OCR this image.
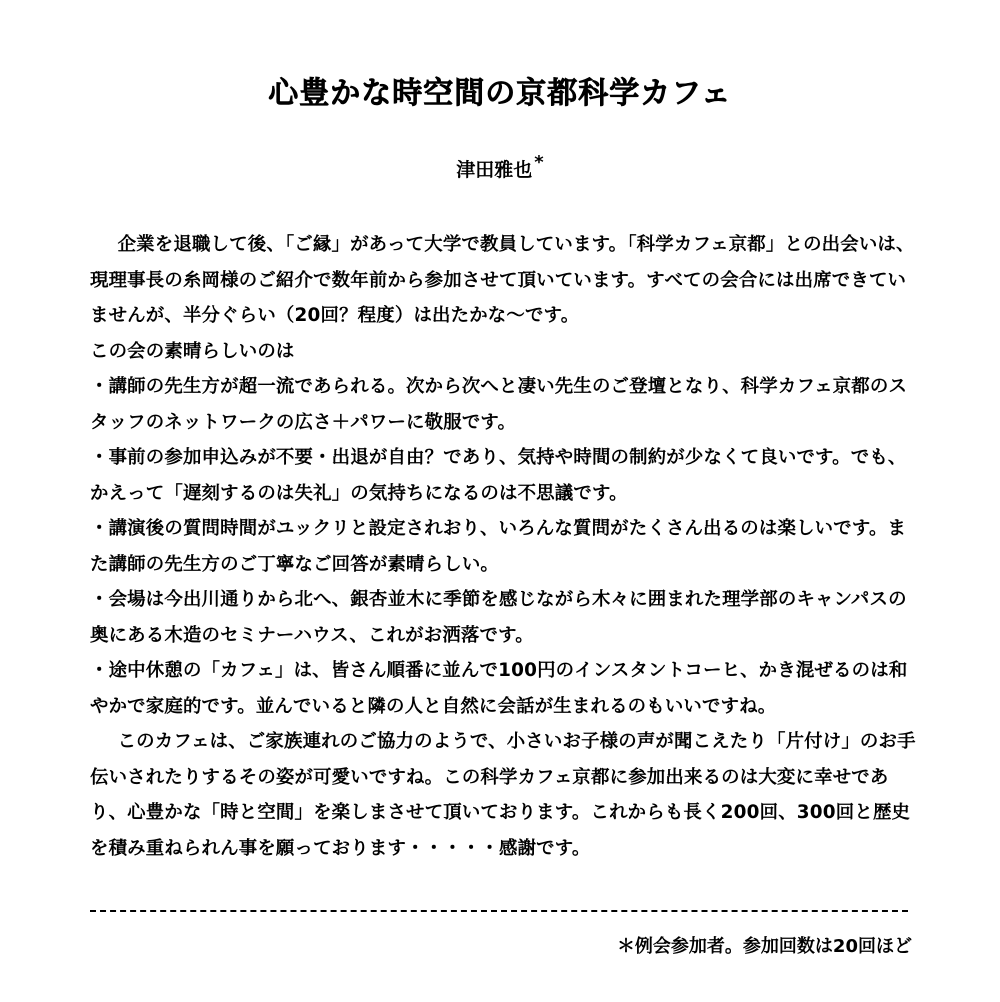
心豊かな時空間の京都科学カフェ
津田雅也 *

企業を退職して後、「ご縁」があって大学で教員しています。「科学カフェ京都」との出会いは、現理事長の糸岡様のご紹介で数年前から参加させて頂いています。すべての会合には出席できていませんが、半分ぐらい（20回？程度）は出たかな～です。

この会の素晴らしいのは

・講師の先生方が超一流であられる。次から次へと凄い先生のご登壇となり、科学カフェ京都のスタッフのネットワークの広さ＋パワーに敬服です。

・事前の参加申込みが不要・出退が自由？であり、気持や時間の制約が少なくて良いです。でも、かえって「遅刻するのは失礼」の気持ちになるのは不思議です。

・講演後の質問時間がユックリと設定されおり、いろんな質問がたくさん出るのは楽しいです。また講師の先生方のご丁寧なご回答が素晴らしい。

・会場は今出川通りから北へ、銀杏並木に季節を感じながら木々に囲まれた理学部のキャンパスの奥にある木造のセミナーハウス、これがお洒落です。

・途中休憩の「カフェ」は、皆さん順番に並んで100円のインスタントコーヒ、かき混ぜるのは和やかで家庭的です。並んでいると隣の人と自然に会話が生まれるのもいいですね。

このカフェは、ご家族連れのご協力のようで、小さいお子様の声が聞こえたり「片付け」のお手伝いされたりするその姿が可愛いですね。この科学カフェ京都に参加出来るのは大変に幸せであり、心豊かな「時と空間」を楽しまさせて頂いております。これからも長く200回、300回と歴史を積み重ねられん事を願っております・・・・・感謝です。

＊例会参加者。参加回数は20回ほど
